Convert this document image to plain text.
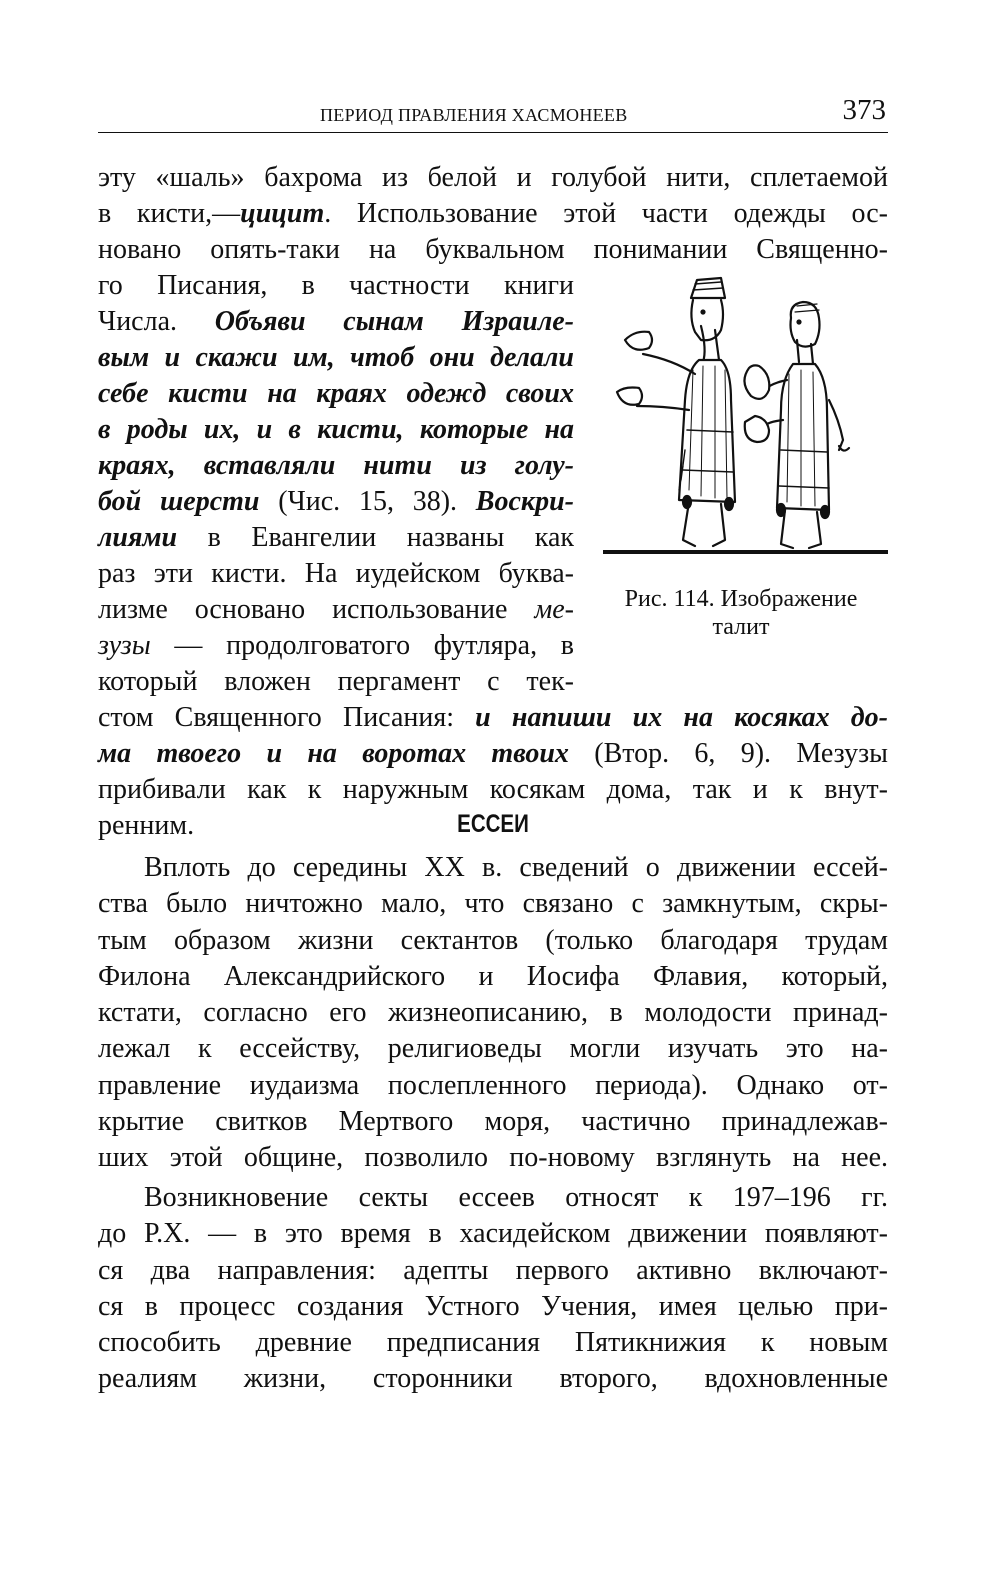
ПЕРИОД ПРАВЛЕНИЯ ХАСМОНЕЕВ	373
эту «шаль» бахрома из белой и голубой нити, сплетаемой
в кисти,—цицит. Использование этой части одежды ос-
новано опять-таки на буквальном понимании Священно-
го Писания, в частности книги
Числа. Объяви сынам Израиле-
вым и скажи им, чтоб они делали
себе кисти на краях одежд своих
в роды их, и в кисти, которые на
краях, вставляли нити из голу-
бой шерсти (Чис. 15, 38). Воскри-
лиями в Евангелии названы как
раз эти кисти. На иудейском буква-
лизме основано использование ме-
зузы — продолговатого футляра, в
который вложен пергамент с тек-
стом Священного Писания: и напиши их на косяках до-
ма твоего и на воротах твоих (Втор. 6, 9). Мезузы
прибивали как к наружным косякам дома, так и к внут-
ренним.
Рис. 114. Изображение
талит
ЕССЕИ
Вплоть до середины XX в. сведений о движении ессей-
ства было ничтожно мало, что связано с замкнутым, скры-
тым образом жизни сектантов (только благодаря трудам
Филона Александрийского и Иосифа Флавия, который,
кстати, согласно его жизнеописанию, в молодости принад-
лежал к ессейству, религиоведы могли изучать это на-
правление иудаизма послепленного периода). Однако от-
крытие свитков Мертвого моря, частично принадлежав-
ших этой общине, позволило по-новому взглянуть на нее.
Возникновение секты ессеев относят к 197–196 гг.
до Р.Х. — в это время в хасидейском движении появляют-
ся два направления: адепты первого активно включают-
ся в процесс создания Устного Учения, имея целью при-
способить древние предписания Пятикнижия к новым
реалиям жизни, сторонники второго, вдохновленные
